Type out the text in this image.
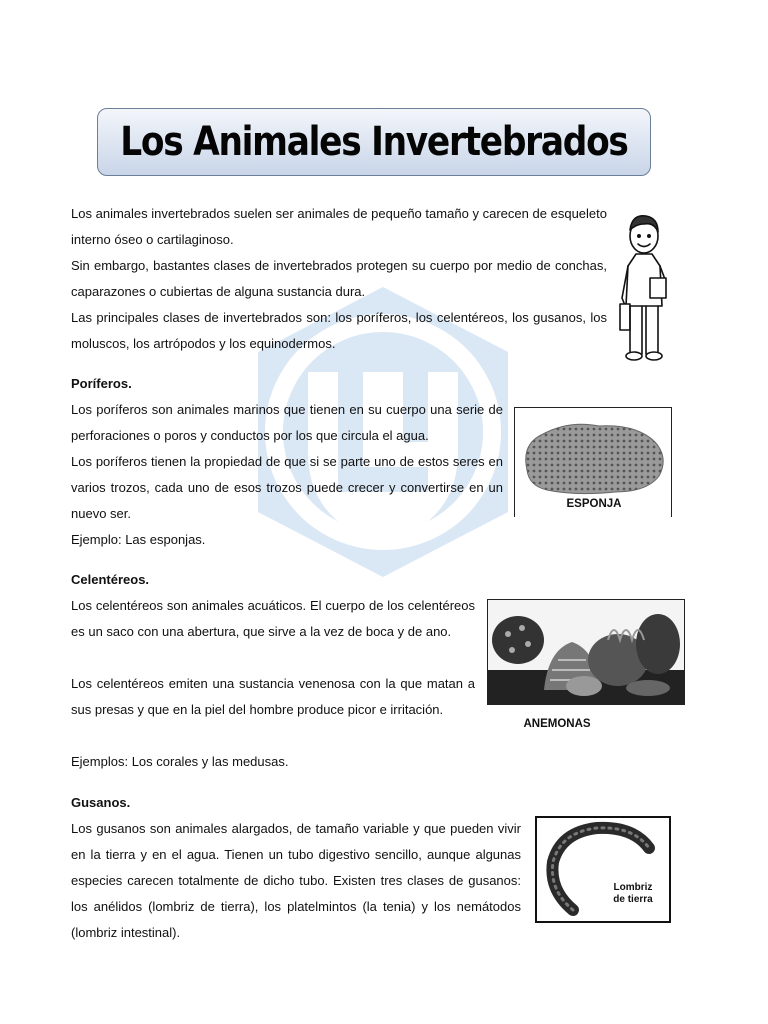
Los Animales Invertebrados

Los animales invertebrados suelen ser animales de pequeño tamaño y carecen de esqueleto interno óseo o cartilaginoso.

Sin embargo, bastantes clases de invertebrados protegen su cuerpo por medio de conchas, caparazones o cubiertas de alguna sustancia dura.

Las principales clases de invertebrados son: los poríferos, los celentéreos, los gusanos, los moluscos, los artrópodos y los equinodermos.

Poríferos.

Los poríferos son animales marinos que tienen en su cuerpo una serie de perforaciones o poros y conductos por los que circula el agua.

Los poríferos tienen la propiedad de que si se parte uno de estos seres en varios trozos, cada uno de esos trozos puede crecer y convertirse en un nuevo ser.

Ejemplo: Las esponjas.

ESPONJA

Celentéreos.

Los celentéreos son animales acuáticos. El cuerpo de los celentéreos es un saco con una abertura, que sirve a la vez de boca y de ano.

Los celentéreos emiten una sustancia venenosa con la que matan a sus presas y que en la piel del hombre produce picor e irritación.

Ejemplos: Los corales y las medusas.

ANEMONAS

Gusanos.

Los gusanos son animales alargados, de tamaño variable y que pueden vivir en la tierra y en el agua. Tienen un tubo digestivo sencillo, aunque algunas especies carecen totalmente de dicho tubo. Existen tres clases de gusanos: los anélidos (lombriz de tierra), los platelmintos (la tenia) y los nemátodos (lombriz intestinal).

Lombriz
de tierra
